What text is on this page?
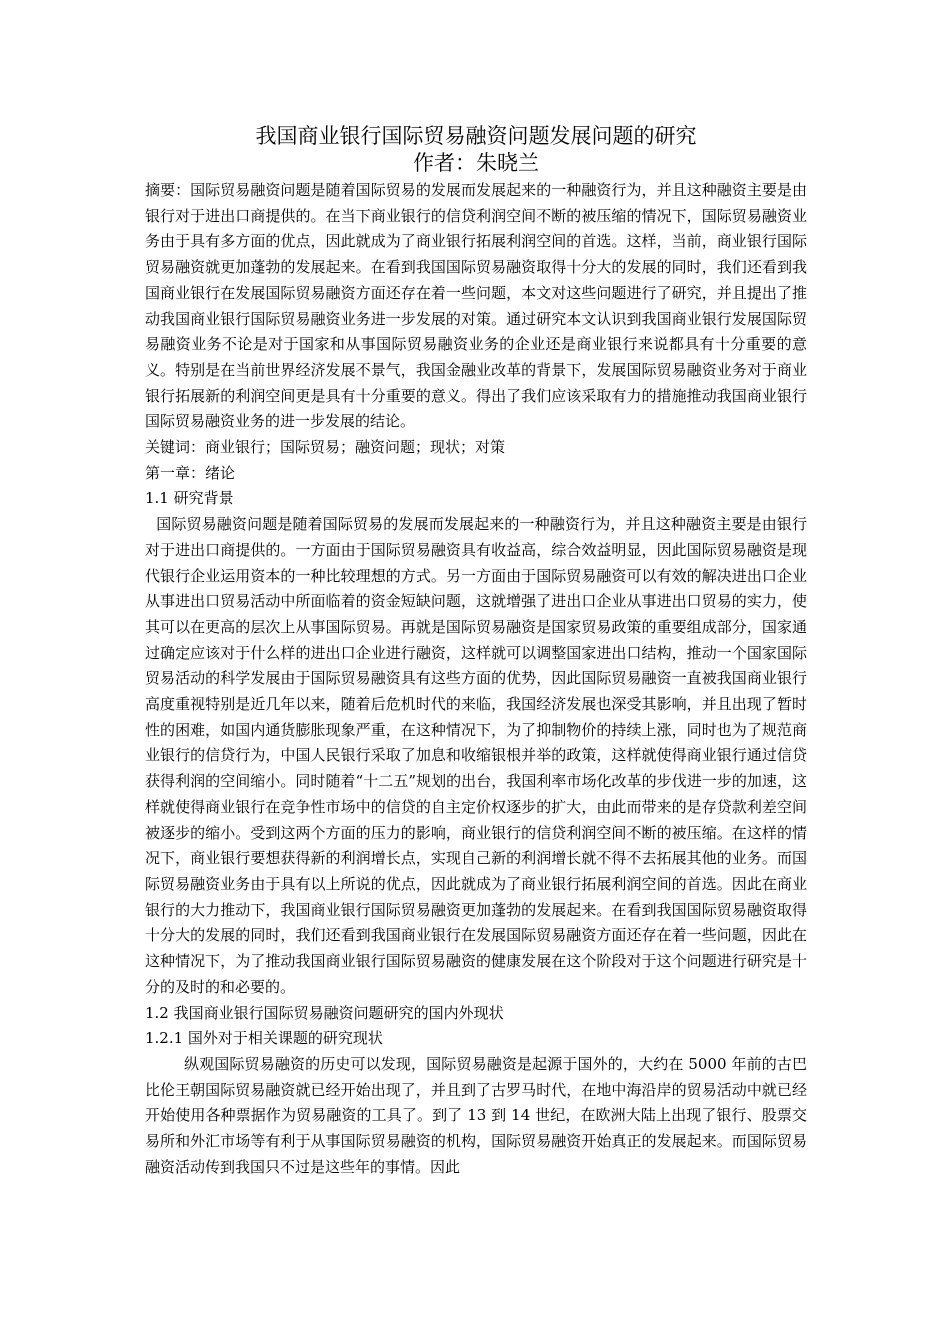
我国商业银行国际贸易融资问题发展问题的研究
作者：朱晓兰

摘要：国际贸易融资问题是随着国际贸易的发展而发展起来的一种融资行为，并且这种融资主要是由银行对于进出口商提供的。在当下商业银行的信贷利润空间不断的被压缩的情况下，国际贸易融资业务由于具有多方面的优点，因此就成为了商业银行拓展利润空间的首选。这样，当前，商业银行国际贸易融资就更加蓬勃的发展起来。在看到我国国际贸易融资取得十分大的发展的同时，我们还看到我国商业银行在发展国际贸易融资方面还存在着一些问题，本文对这些问题进行了研究，并且提出了推动我国商业银行国际贸易融资业务进一步发展的对策。通过研究本文认识到我国商业银行发展国际贸易融资业务不论是对于国家和从事国际贸易融资业务的企业还是商业银行来说都具有十分重要的意义。特别是在当前世界经济发展不景气，我国金融业改革的背景下，发展国际贸易融资业务对于商业银行拓展新的利润空间更是具有十分重要的意义。得出了我们应该采取有力的措施推动我国商业银行国际贸易融资业务的进一步发展的结论。

关键词：商业银行；国际贸易；融资问题；现状；对策

第一章：绪论

1.1 研究背景

国际贸易融资问题是随着国际贸易的发展而发展起来的一种融资行为，并且这种融资主要是由银行对于进出口商提供的。一方面由于国际贸易融资具有收益高，综合效益明显，因此国际贸易融资是现代银行企业运用资本的一种比较理想的方式。另一方面由于国际贸易融资可以有效的解决进出口企业从事进出口贸易活动中所面临着的资金短缺问题，这就增强了进出口企业从事进出口贸易的实力，使其可以在更高的层次上从事国际贸易。再就是国际贸易融资是国家贸易政策的重要组成部分，国家通过确定应该对于什么样的进出口企业进行融资，这样就可以调整国家进出口结构，推动一个国家国际贸易活动的科学发展由于国际贸易融资具有这些方面的优势，因此国际贸易融资一直被我国商业银行高度重视特别是近几年以来，随着后危机时代的来临，我国经济发展也深受其影响，并且出现了暂时性的困难，如国内通货膨胀现象严重，在这种情况下，为了抑制物价的持续上涨，同时也为了规范商业银行的信贷行为，中国人民银行采取了加息和收缩银根并举的政策，这样就使得商业银行通过信贷获得利润的空间缩小。同时随着“十二五”规划的出台，我国利率市场化改革的步伐进一步的加速，这样就使得商业银行在竞争性市场中的信贷的自主定价权逐步的扩大，由此而带来的是存贷款利差空间被逐步的缩小。受到这两个方面的压力的影响，商业银行的信贷利润空间不断的被压缩。在这样的情况下，商业银行要想获得新的利润增长点，实现自己新的利润增长就不得不去拓展其他的业务。而国际贸易融资业务由于具有以上所说的优点，因此就成为了商业银行拓展利润空间的首选。因此在商业银行的大力推动下，我国商业银行国际贸易融资更加蓬勃的发展起来。在看到我国国际贸易融资取得十分大的发展的同时，我们还看到我国商业银行在发展国际贸易融资方面还存在着一些问题，因此在这种情况下，为了推动我国商业银行国际贸易融资的健康发展在这个阶段对于这个问题进行研究是十分的及时的和必要的。

1.2 我国商业银行国际贸易融资问题研究的国内外现状

1.2.1 国外对于相关课题的研究现状

纵观国际贸易融资的历史可以发现，国际贸易融资是起源于国外的，大约在 5000 年前的古巴比伦王朝国际贸易融资就已经开始出现了，并且到了古罗马时代，在地中海沿岸的贸易活动中就已经开始使用各种票据作为贸易融资的工具了。到了 13 到 14 世纪，在欧洲大陆上出现了银行、股票交易所和外汇市场等有利于从事国际贸易融资的机构，国际贸易融资开始真正的发展起来。而国际贸易融资活动传到我国只不过是这些年的事情。因此
